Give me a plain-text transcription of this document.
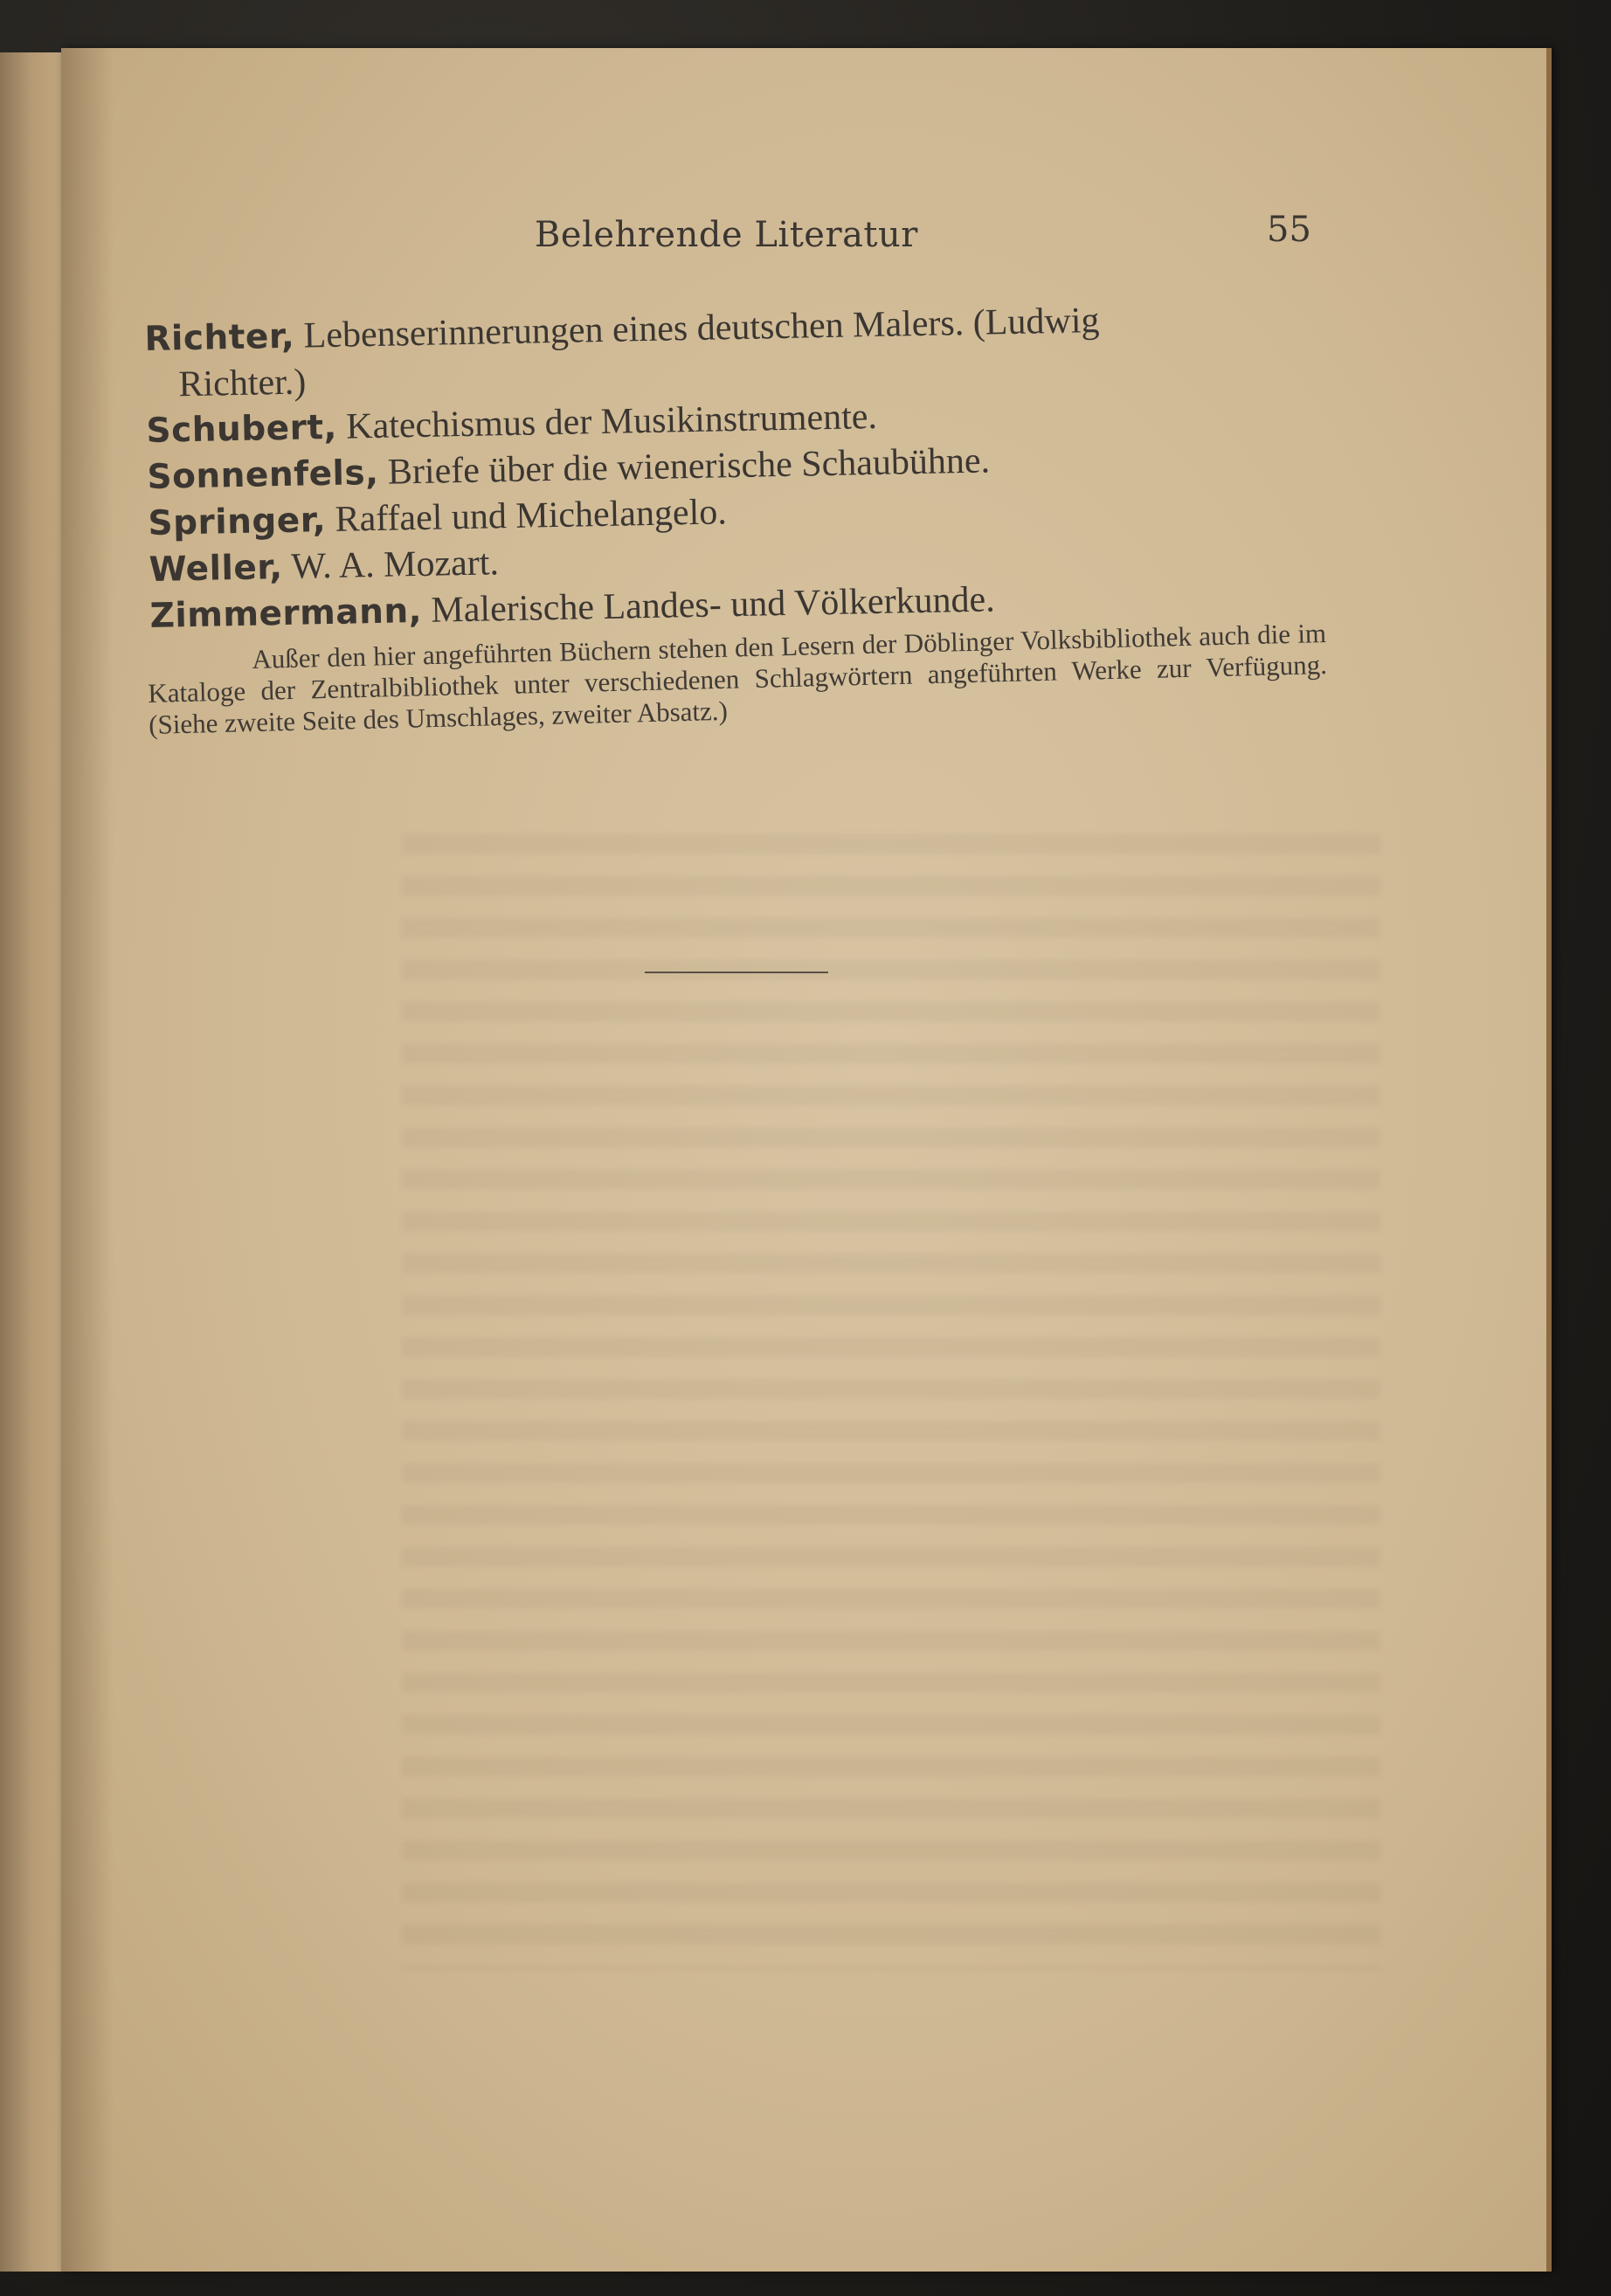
Belehrende Literatur	55
Richter, Lebenserinnerungen eines deutschen Malers. (Ludwig
Richter.)
Schubert, Katechismus der Musikinstrumente.
Sonnenfels, Briefe über die wienerische Schaubühne.
Springer, Raffael und Michelangelo.
Weller, W. A. Mozart.
Zimmermann, Malerische Landes- und Völkerkunde.
Außer den hier angeführten Büchern stehen den Lesern der Döblinger Volksbibliothek auch die im Kataloge der Zentralbibliothek unter verschiedenen Schlagwörtern angeführten Werke zur Verfügung. (Siehe zweite Seite des Umschlages, zweiter Absatz.)
